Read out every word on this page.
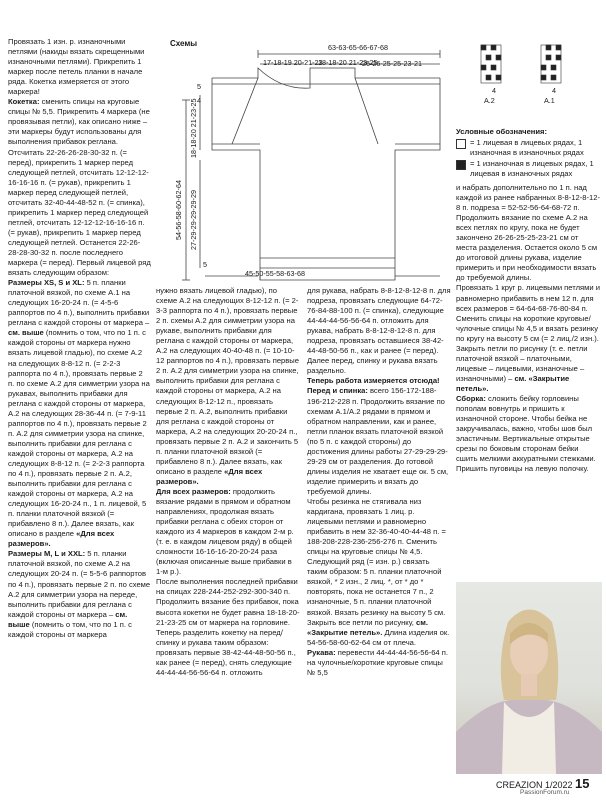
Провязать 1 изн. р. изнаночными петлями (накиды вязать скрещенными изнаночными петлями). Прикрепить 1 маркер после петель планки в начале ряда. Кокетка измеряется от этого маркера!

Кокетка: сменить спицы на круговые спицы № 5,5. Прикрепить 4 маркера (не провязывая петли), как описано ниже – эти маркеры будут использованы для выполнения прибавок реглана.

Отсчитать 22-26-26-28-30-32 п. (= перед), прикрепить 1 маркер перед следующей петлей, отсчитать 12-12-12-16-16-16 п. (= рукав), прикрепить 1 маркер перед следующей петлей, отсчитать 32-40-44-48-52 п. (= спинка), прикрепить 1 маркер перед следующей петлей, отсчитать 12-12-12-16-16-16 п. (= рукав), прикрепить 1 маркер перед следующей петлей. Останется 22-26-28-28-30-32 п. после последнего маркера (= перед). Первый лицевой ряд вязать следующим образом:

Размеры XS, S и XL: 5 п. планки платочной вязкой, по схеме А.1 на следующих 16-20-24 п. (= 4-5-6 раппортов по 4 п.), выполнить прибавки реглана с каждой стороны от маркера – см. выше (помнить о том, что по 1 п. с каждой стороны от маркера нужно вязать лицевой гладью), по схеме А.2 на следующих 8-8-12 п. (= 2-2-3 раппорта по 4 п.), провязать первые 2 п. по схеме А.2 для симметрии узора на рукавах, выполнить прибавки для реглана с каждой стороны от маркера, А.2 на следующих 28-36-44 п. (= 7-9-11 раппортов по 4 п.), провязать первые 2 п. А.2 для симметрии узора на спинке, выполнить прибавки для реглана с каждой стороны от маркера, А.2 на следующих 8-8-12 п. (= 2-2-3 раппорта по 4 п.), провязать первые 2 п. А.2, выполнить прибавки для реглана с каждой стороны от маркера, А.2 на следующих 16-20-24 п., 1 п. лицевой, 5 п. планки платочной вязкой (= прибавлено 8 п.). Далее вязать, как описано в разделе «Для всех размеров».

Размеры M, L и XXL: 5 п. планки платочной вязкой, по схеме А.2 на следующих 20-24 п. (= 5-5-6 раппортов по 4 п.), провязать первые 2 п. по схеме А.2 для симметрии узора на переде, выполнить прибавки для реглана с каждой стороны от маркера – см. выше (помнить о том, что по 1 п. с каждой стороны от маркера

Схемы	63-63-65-66-67-68
17-18-19 20-21-23
18-18-20 21-23-25
26-26-25-25-23-21
5
4
18-18-20 21-23-25
54-56-58-60-62-64 27-29-29-29-29-29
5
45-50-55-58-63-68
4	4
А.2	А.1
Условные обозначения:
= 1 лицевая в лицевых рядах, 1 изнаночная в изнаночных рядах
= 1 изнаночная в лицевых рядах, 1 лицевая в изнаночных рядах

нужно вязать лицевой гладью), по схеме А.2 на следующих 8-12-12 п. (= 2-3-3 раппорта по 4 п.), провязать первые 2 п. схемы А.2 для симметрии узора на рукаве, выполнить прибавки для реглана с каждой стороны от маркера, А.2 на следующих 40-40-48 п. (= 10-10-12 раппортов по 4 п.), провязать первые 2 п. А.2 для симметрии узора на спинке, выполнить прибавки для реглана с каждой стороны от маркера, А.2 на следующих 8-12-12 п., провязать первые 2 п. А.2, выполнить прибавки для реглана с каждой стороны от маркера, А.2 на следующих 20-20-24 п., провязать первые 2 п. А.2 и закончить 5 п. планки платочной вязкой (= прибавлено 8 п.). Далее вязать, как описано в разделе «Для всех размеров».

Для всех размеров: продолжить вязание рядами в прямом и обратном направлениях, продолжая вязать прибавки реглана с обеих сторон от каждого из 4 маркеров в каждом 2-м р. (т. е. в каждом лицевом ряду) в общей сложности 16-16-16-20-20-24 раза (включая описанные выше прибавки в 1-м р.).

После выполнения последней прибавки на спицах 228-244-252-292-300-340 п.

Продолжить вязание без прибавок, пока высота кокетки не будет равна 18-18-20-21-23-25 см от маркера на горловине.

Теперь разделить кокетку на перед/спинку и рукава таким образом: провязать первые 38-42-44-48-50-56 п., как ранее (= перед), снять следующие 44-44-44-56-56-64 п. отложить

для рукава, набрать 8-8-12-8-12-8 п. для подреза, провязать следующие 64-72-76-84-88-100 п. (= спинка), следующие 44-44-44-56-56-64 п. отложить для рукава, набрать 8-8-12-8-12-8 п. для подреза, провязать оставшиеся 38-42-44-48-50-56 п., как и ранее (= перед). Далее перед, спинку и рукава вязать раздельно.

Теперь работа измеряется отсюда!

Перед и спинка: всего 156-172-188-196-212-228 п. Продолжить вязание по схемам А.1/А.2 рядами в прямом и обратном направлении, как и ранее, петли планок вязать платочной вязкой (по 5 п. с каждой стороны) до достижения длины работы 27-29-29-29-29-29 см от разделения. До готовой длины изделия не хватает еще ок. 5 см, изделие примерить и вязать до требуемой длины.

Чтобы резинка не стягивала низ кардигана, провязать 1 лиц. р. лицевыми петлями и равномерно прибавить в нем 32-36-40-40-44-48 п. = 188-208-228-236-256-276 п. Сменить спицы на круговые спицы № 4,5. Следующий ряд (= изн. р.) связать таким образом: 5 п. планки платочной вязкой, * 2 изн., 2 лиц. *, от * до * повторять, пока не останется 7 п., 2 изнаночные, 5 п. планки платочной вязкой. Вязать резинку на высоту 5 см. Закрыть все петли по рисунку, см. «Закрытие петель». Длина изделия ок. 54-56-58-60-62-64 см от плеча.

Рукава: перевести 44-44-44-56-56-64 п. на чулочные/короткие круговые спицы № 5,5

и набрать дополнительно по 1 п. над каждой из ранее набранных 8-8-12-8-12-8 п. подреза = 52-52-56-64-68-72 п. Продолжить вязание по схеме А.2 на всех петлях по кругу, пока не будет закончено 26-26-25-25-23-21 см от места разделения. Остается около 5 см до итоговой длины рукава, изделие примерить и при необходимости вязать до требуемой длины.

Провязать 1 круг р. лицевыми петлями и равномерно прибавить в нем 12 п. для всех размеров = 64-64-68-76-80-84 п. Сменить спицы на короткие круговые/чулочные спицы № 4,5 и вязать резинку по кругу на высоту 5 см (= 2 лиц./2 изн.). Закрыть петли по рисунку (т. е. петли платочной вязкой – платочными, лицевые – лицевыми, изнаночные – изнаночными) – см. «Закрытие петель».

Сборка: сложить бейку горловины пополам вовнутрь и пришить к изнаночной стороне. Чтобы бейка не закручивалась, важно, чтобы шов был эластичным. Вертикальные открытые срезы по боковым сторонам бейки сшить мелкими аккуратными стежками. Пришить пуговицы на левую полочку.

CREAZION 1/2022 15
PassionForum.ru
